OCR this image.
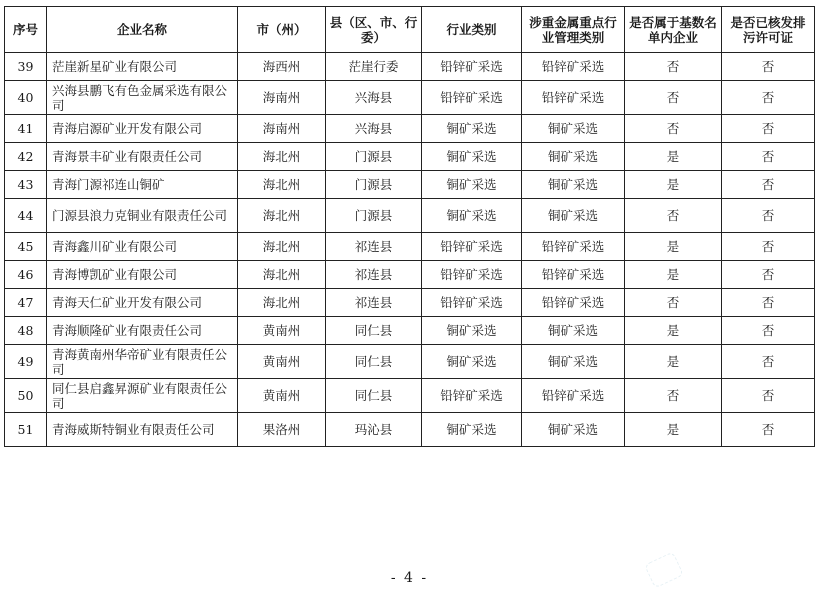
序号	企业名称	市（州）	县（区、市、行委）	行业类别	涉重金属重点行业管理类别	是否属于基数名单内企业	是否已核发排污许可证
39	茫崖新星矿业有限公司	海西州	茫崖行委	铅锌矿采选	铅锌矿采选	否	否
40	兴海县鹏飞有色金属采选有限公司	海南州	兴海县	铅锌矿采选	铅锌矿采选	否	否
41	青海启源矿业开发有限公司	海南州	兴海县	铜矿采选	铜矿采选	否	否
42	青海景丰矿业有限责任公司	海北州	门源县	铜矿采选	铜矿采选	是	否
43	青海门源祁连山铜矿	海北州	门源县	铜矿采选	铜矿采选	是	否
44	门源县浪力克铜业有限责任公司	海北州	门源县	铜矿采选	铜矿采选	否	否
45	青海鑫川矿业有限公司	海北州	祁连县	铅锌矿采选	铅锌矿采选	是	否
46	青海博凯矿业有限公司	海北州	祁连县	铅锌矿采选	铅锌矿采选	是	否
47	青海天仁矿业开发有限公司	海北州	祁连县	铅锌矿采选	铅锌矿采选	否	否
48	青海顺隆矿业有限责任公司	黄南州	同仁县	铜矿采选	铜矿采选	是	否
49	青海黄南州华帝矿业有限责任公司	黄南州	同仁县	铜矿采选	铜矿采选	是	否
50	同仁县启鑫昇源矿业有限责任公司	黄南州	同仁县	铅锌矿采选	铅锌矿采选	否	否
51	青海威斯特铜业有限责任公司	果洛州	玛沁县	铜矿采选	铜矿采选	是	否
- 4 -
